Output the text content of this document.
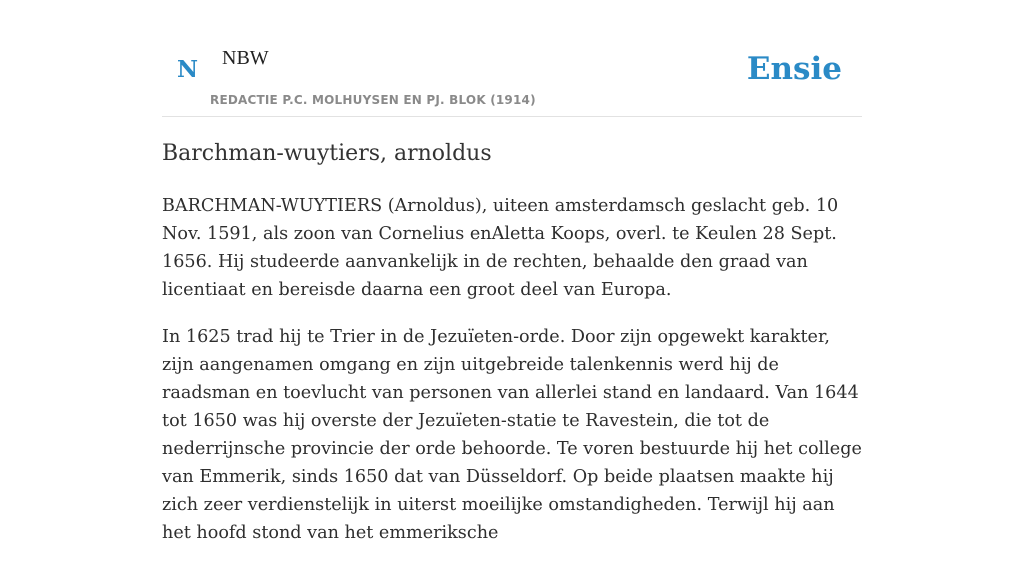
N NBW
REDACTIE P.C. MOLHUYSEN EN PJ. BLOK (1914)
Ensie
Barchman-wuytiers, arnoldus

BARCHMAN-WUYTIERS (Arnoldus), uiteen amsterdamsch geslacht geb. 10 Nov. 1591, als zoon van Cornelius enAletta Koops, overl. te Keulen 28 Sept. 1656. Hij studeerde aanvankelijk in de rechten, behaalde den graad van licentiaat en bereisde daarna een groot deel van Europa.

In 1625 trad hij te Trier in de Jezuïeten-orde. Door zijn opgewekt karakter, zijn aangenamen omgang en zijn uitgebreide talenkennis werd hij de raadsman en toevlucht van personen van allerlei stand en landaard. Van 1644 tot 1650 was hij overste der Jezuïeten-statie te Ravestein, die tot de nederrijnsche provincie der orde behoorde. Te voren bestuurde hij het college van Emmerik, sinds 1650 dat van Düsseldorf. Op beide plaatsen maakte hij zich zeer verdienstelijk in uiterst moeilijke omstandigheden. Terwijl hij aan het hoofd stond van het emmeriksche
